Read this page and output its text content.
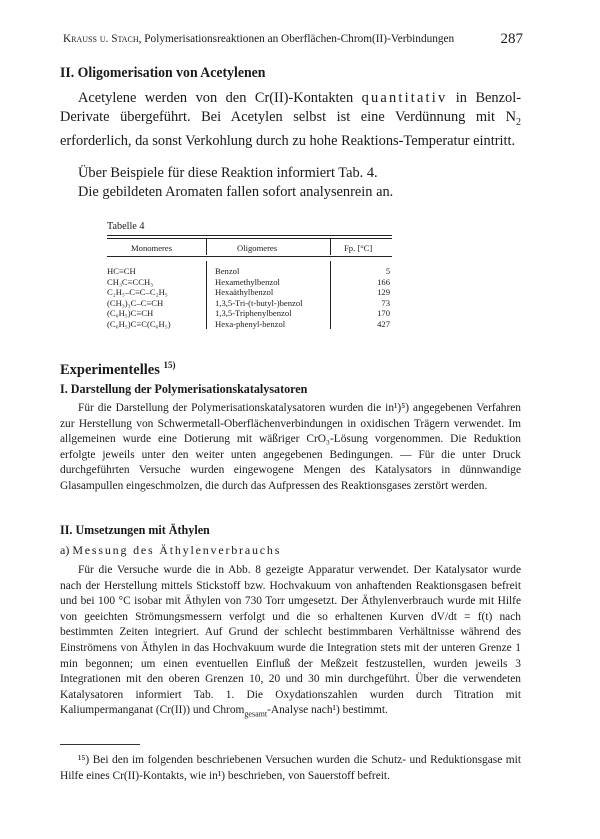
Krauss u. Stach, Polymerisationsreaktionen an Oberflächen-Chrom(II)-Verbindungen	287
II. Oligomerisation von Acetylenen
Acetylene werden von den Cr(II)-Kontakten quantitativ in Benzol-Derivate übergeführt. Bei Acetylen selbst ist eine Verdünnung mit $N_2$ erforderlich, da sonst Verkohlung durch zu hohe Reaktions-Temperatur eintritt.
Über Beispiele für diese Reaktion informiert Tab. 4.
Die gebildeten Aromaten fallen sofort analysenrein an.
Tabelle 4
Monomeres	Oligomeres	Fp. [°C]
HC≡CH	Benzol	5
CH₃C≡CCH₃	Hexamethylbenzol	166
C₂H₅–C≡C–C₂H₅	Hexaäthylbenzol	129
(CH₃)₃C–C≡CH	1,3,5-Tri-(t-butyl-)benzol	73
(C₆H₅)C≡CH	1,3,5-Triphenylbenzol	170
(C₆H₅)C≡C(C₆H₅)	Hexa-phenyl-benzol	427
Experimentelles $^{15)}$
I. Darstellung der Polymerisationskatalysatoren
Für die Darstellung der Polymerisationskatalysatoren wurden die in¹)⁵) angegebenen Verfahren zur Herstellung von Schwermetall-Oberflächenverbindungen in oxidischen Trägern verwendet. Im allgemeinen wurde eine Dotierung mit wäßriger CrO₃-Lösung vorgenommen. Die Reduktion erfolgte jeweils unter den weiter unten angegebenen Bedingungen. — Für die unter Druck durchgeführten Versuche wurden eingewogene Mengen des Katalysators in dünnwandige Glasampullen eingeschmolzen, die durch das Aufpressen des Reaktionsgases zerstört werden.
II. Umsetzungen mit Äthylen
a) Messung des Äthylenverbrauchs
Für die Versuche wurde die in Abb. 8 gezeigte Apparatur verwendet. Der Katalysator wurde nach der Herstellung mittels Stickstoff bzw. Hochvakuum von anhaftenden Reaktionsgasen befreit und bei 100 °C isobar mit Äthylen von 730 Torr umgesetzt. Der Äthylenverbrauch wurde mit Hilfe von geeichten Strömungsmessern verfolgt und die so erhaltenen Kurven dV/dt = f(t) nach bestimmten Zeiten integriert. Auf Grund der schlecht bestimmbaren Verhältnisse während des Einströmens von Äthylen in das Hochvakuum wurde die Integration stets mit der unteren Grenze 1 min begonnen; um einen eventuellen Einfluß der Meßzeit festzustellen, wurden jeweils 3 Integrationen mit den oberen Grenzen 10, 20 und 30 min durchgeführt. Über die verwendeten Katalysatoren informiert Tab. 1. Die Oxydationszahlen wurden durch Titration mit Kaliumpermanganat (Cr(II)) und Chrom$_{gesamt}$-Analyse nach¹) bestimmt.
¹⁵) Bei den im folgenden beschriebenen Versuchen wurden die Schutz- und Reduktionsgase mit Hilfe eines Cr(II)-Kontakts, wie in¹) beschrieben, von Sauerstoff befreit.
